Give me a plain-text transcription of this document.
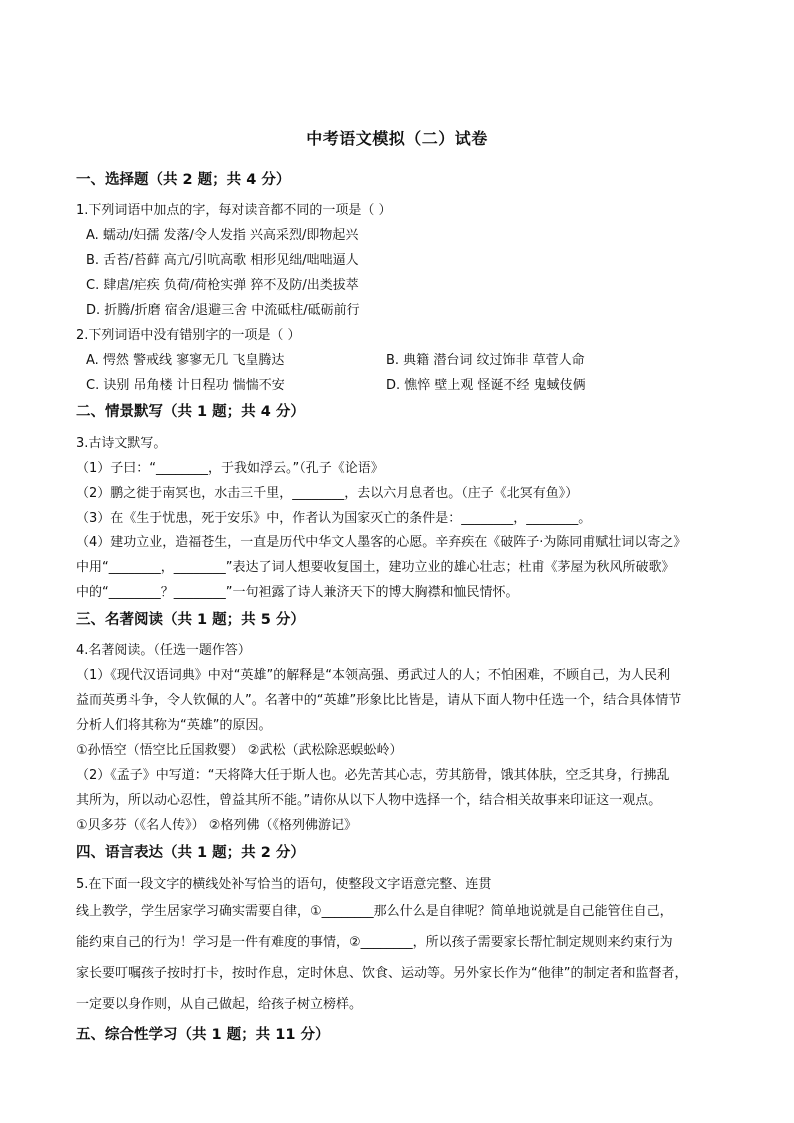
中考语文模拟（二）试卷
一、选择题（共 2 题；共 4 分）
1.下列词语中加点的字，每对读音都不同的一项是（ ）
A. 蠕动/妇孺 发落/令人发指 兴高采烈/即物起兴
B. 舌苔/苔藓 高亢/引吭高歌 相形见绌/咄咄逼人
C. 肆虐/疟疾 负荷/荷枪实弹 猝不及防/出类拔萃
D. 折腾/折磨 宿舍/退避三舍 中流砥柱/砥砺前行
2.下列词语中没有错别字的一项是（ ）
A. 愕然 警戒线 寥寥无几 飞皇腾达	B. 典籍 潜台词 纹过饰非 草菅人命
C. 诀别 吊角楼 计日程功 惴惴不安	D. 憔悴 壁上观 怪诞不经 鬼蜮伎俩
二、情景默写（共 1 题；共 4 分）
3.古诗文默写。
（1）子曰：“________，于我如浮云。”（孔子《论语》
（2）鹏之徙于南冥也，水击三千里，________，去以六月息者也。（庄子《北冥有鱼》）
（3）在《生于忧患，死于安乐》中，作者认为国家灭亡的条件是：________，________。
（4）建功立业，造福苍生，一直是历代中华文人墨客的心愿。辛弃疾在《破阵子·为陈同甫赋壮词以寄之》
中用“________，________”表达了词人想要收复国土，建功立业的雄心壮志；杜甫《茅屋为秋风所破歌》
中的“________？________”一句袒露了诗人兼济天下的博大胸襟和恤民情怀。
三、名著阅读（共 1 题；共 5 分）
4.名著阅读。（任选一题作答）
（1）《现代汉语词典》中对“英雄”的解释是“本领高强、勇武过人的人；不怕困难，不顾自己，为人民利
益而英勇斗争，令人钦佩的人”。名著中的“英雄”形象比比皆是，请从下面人物中任选一个，结合具体情节
分析人们将其称为“英雄”的原因。
①孙悟空（悟空比丘国救婴） ②武松（武松除恶蜈蚣岭）
（2）《孟子》中写道：“天将降大任于斯人也。必先苦其心志，劳其筋骨，饿其体肤，空乏其身，行拂乱
其所为，所以动心忍性，曾益其所不能。”请你从以下人物中选择一个，结合相关故事来印证这一观点。
①贝多芬（《名人传》） ②格列佛（《格列佛游记》
四、语言表达（共 1 题；共 2 分）
5.在下面一段文字的横线处补写恰当的语句，使整段文字语意完整、连贯
线上教学，学生居家学习确实需要自律，①________那么什么是自律呢？简单地说就是自己能管住自己，
能约束自己的行为！学习是一件有难度的事情，②________，所以孩子需要家长帮忙制定规则来约束行为
家长要叮嘱孩子按时打卡，按时作息，定时休息、饮食、运动等。另外家长作为“他律”的制定者和监督者，
一定要以身作则，从自己做起，给孩子树立榜样。
五、综合性学习（共 1 题；共 11 分）
